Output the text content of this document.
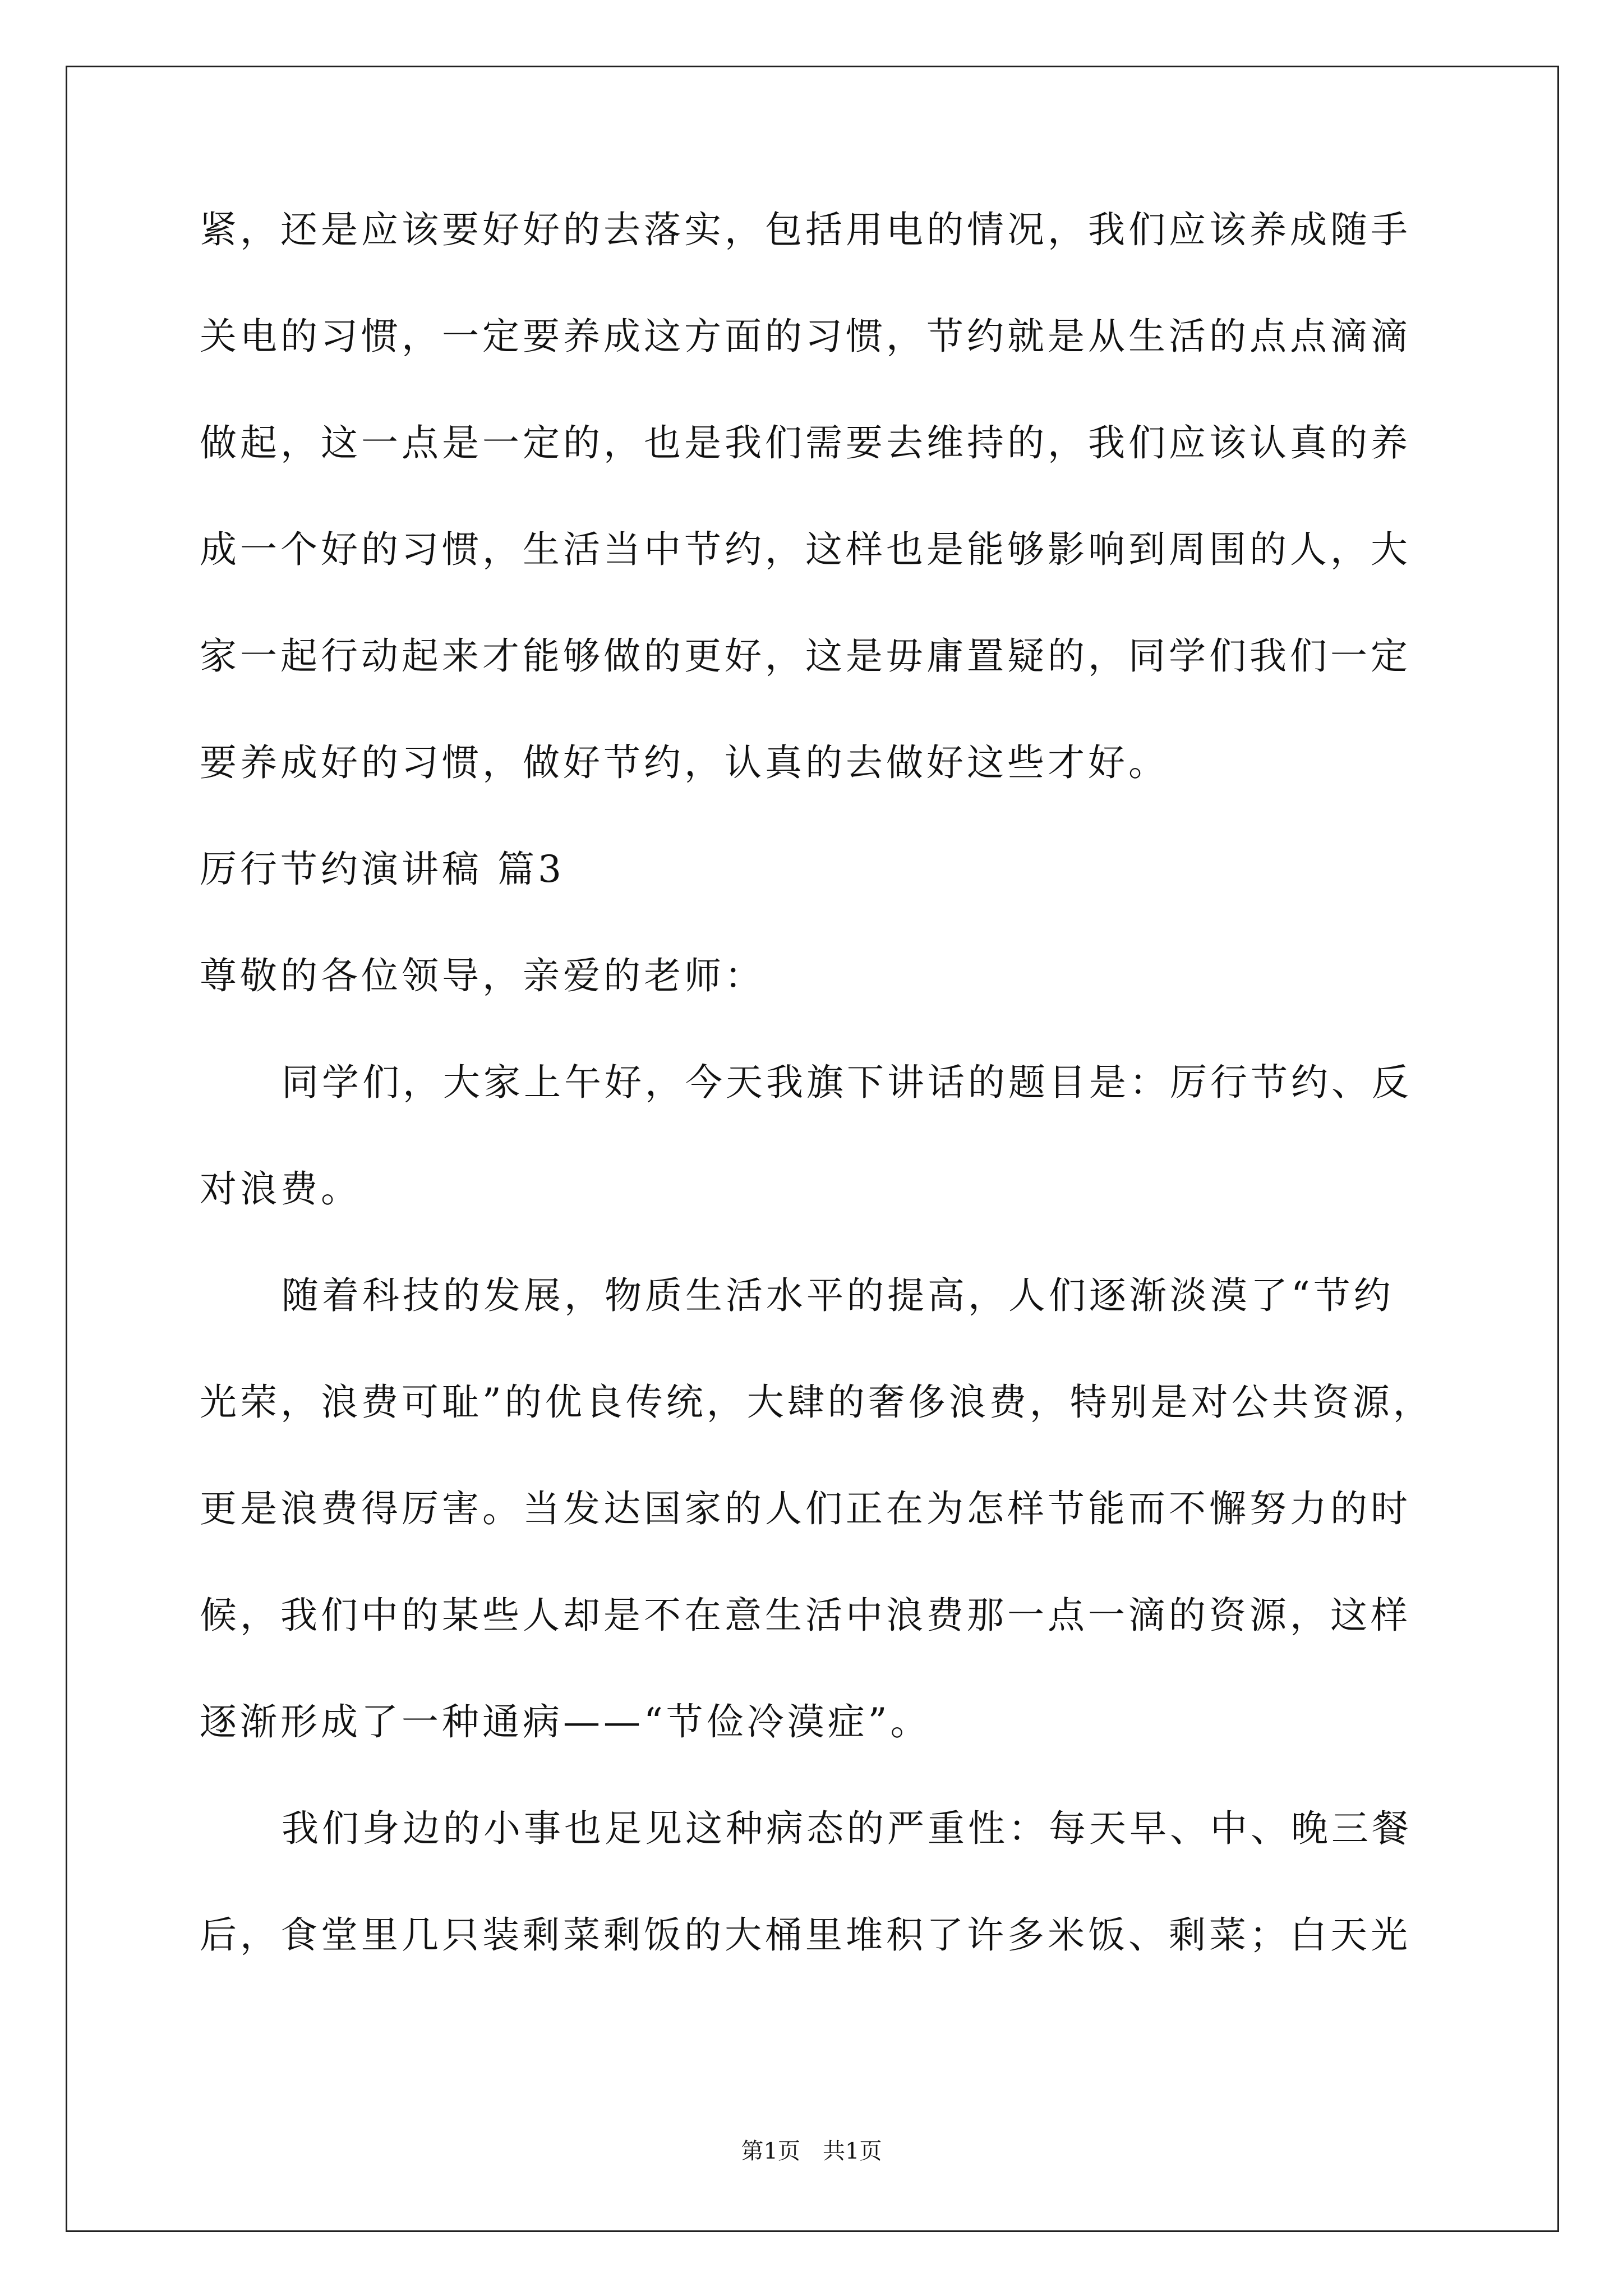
紧，还是应该要好好的去落实，包括用电的情况，我们应该养成随手
关电的习惯，一定要养成这方面的习惯，节约就是从生活的点点滴滴
做起，这一点是一定的，也是我们需要去维持的，我们应该认真的养
成一个好的习惯，生活当中节约，这样也是能够影响到周围的人，大
家一起行动起来才能够做的更好，这是毋庸置疑的，同学们我们一定
要养成好的习惯，做好节约，认真的去做好这些才好。
厉行节约演讲稿 篇3
尊敬的各位领导，亲爱的老师：
同学们，大家上午好，今天我旗下讲话的题目是：厉行节约、反
对浪费。
随着科技的发展，物质生活水平的提高，人们逐渐淡漠了“节约
光荣，浪费可耻”的优良传统，大肆的奢侈浪费，特别是对公共资源，
更是浪费得厉害。当发达国家的人们正在为怎样节能而不懈努力的时
候，我们中的某些人却是不在意生活中浪费那一点一滴的资源，这样
逐渐形成了一种通病——“节俭冷漠症”。
我们身边的小事也足见这种病态的严重性：每天早、中、晚三餐
后，食堂里几只装剩菜剩饭的大桶里堆积了许多米饭、剩菜；白天光
第1页 共1页
